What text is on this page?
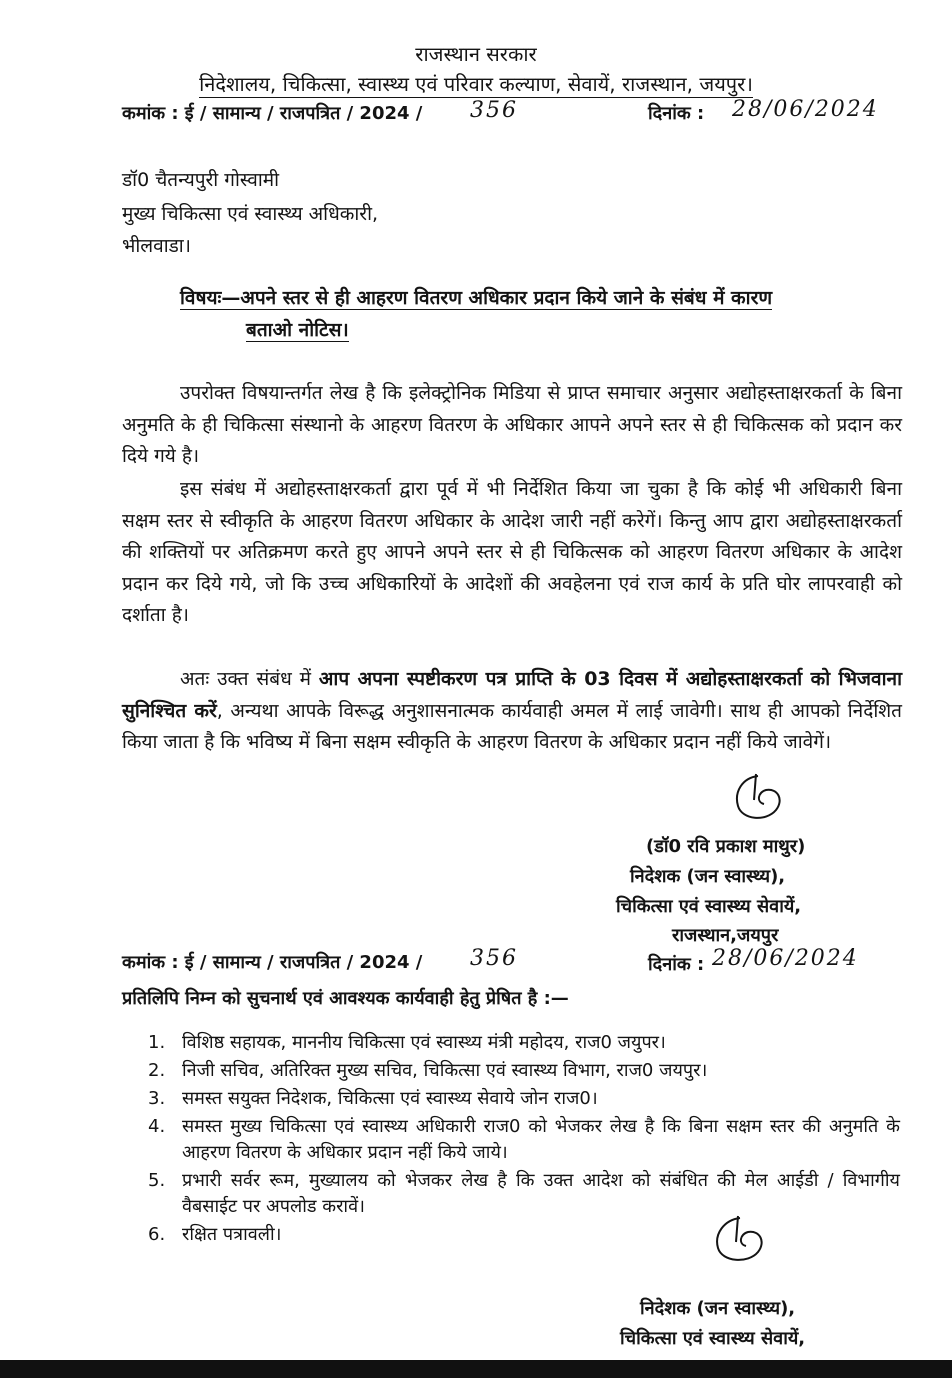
राजस्थान सरकार
निदेशालय, चिकित्सा, स्वास्थ्य एवं परिवार कल्याण, सेवायें, राजस्थान, जयपुर।
कमांक : ई / सामान्य / राजपत्रित / 2024 / 356	दिनांक : 28/06/2024
डॉ0 चैतन्यपुरी गोस्वामी
मुख्य चिकित्सा एवं स्वास्थ्य अधिकारी,
भीलवाडा।
विषयः—अपने स्तर से ही आहरण वितरण अधिकार प्रदान किये जाने के संबंध में कारण
बताओ नोटिस।
उपरोक्त विषयान्तर्गत लेख है कि इलेक्ट्रोनिक मिडिया से प्राप्त समाचार अनुसार अद्योहस्ताक्षरकर्ता के बिना अनुमति के ही चिकित्सा संस्थानो के आहरण वितरण के अधिकार आपने अपने स्तर से ही चिकित्सक को प्रदान कर दिये गये है।
इस संबंध में अद्योहस्ताक्षरकर्ता द्वारा पूर्व में भी निर्देशित किया जा चुका है कि कोई भी अधिकारी बिना सक्षम स्तर से स्वीकृति के आहरण वितरण अधिकार के आदेश जारी नहीं करेगें। किन्तु आप द्वारा अद्योहस्ताक्षरकर्ता की शक्तियों पर अतिक्रमण करते हुए आपने अपने स्तर से ही चिकित्सक को आहरण वितरण अधिकार के आदेश प्रदान कर दिये गये, जो कि उच्च अधिकारियों के आदेशों की अवहेलना एवं राज कार्य के प्रति घोर लापरवाही को दर्शाता है।
अतः उक्त संबंध में आप अपना स्पष्टीकरण पत्र प्राप्ति के 03 दिवस में अद्योहस्ताक्षरकर्ता को भिजवाना सुनिश्चित करें, अन्यथा आपके विरूद्ध अनुशासनात्मक कार्यवाही अमल में लाई जावेगी। साथ ही आपको निर्देशित किया जाता है कि भविष्य में बिना सक्षम स्वीकृति के आहरण वितरण के अधिकार प्रदान नहीं किये जावेगें।
(डॉ0 रवि प्रकाश माथुर)
निदेशक (जन स्वास्थ्य),
चिकित्सा एवं स्वास्थ्य सेवायें,
राजस्थान,जयपुर
कमांक : ई / सामान्य / राजपत्रित / 2024 / 356	दिनांक : 28/06/2024
प्रतिलिपि निम्न को सुचनार्थ एवं आवश्यक कार्यवाही हेतु प्रेषित है :—
1. विशिष्ठ सहायक, माननीय चिकित्सा एवं स्वास्थ्य मंत्री महोदय, राज0 जयुपर।
2. निजी सचिव, अतिरिक्त मुख्य सचिव, चिकित्सा एवं स्वास्थ्य विभाग, राज0 जयपुर।
3. समस्त सयुक्त निदेशक, चिकित्सा एवं स्वास्थ्य सेवाये जोन राज0।
4. समस्त मुख्य चिकित्सा एवं स्वास्थ्य अधिकारी राज0 को भेजकर लेख है कि बिना सक्षम स्तर की अनुमति के आहरण वितरण के अधिकार प्रदान नहीं किये जाये।
5. प्रभारी सर्वर रूम, मुख्यालय को भेजकर लेख है कि उक्त आदेश को संबंधित की मेल आईडी / विभागीय वैबसाईट पर अपलोड करावें।
6. रक्षित पत्रावली।
निदेशक (जन स्वास्थ्य),
चिकित्सा एवं स्वास्थ्य सेवायें,
